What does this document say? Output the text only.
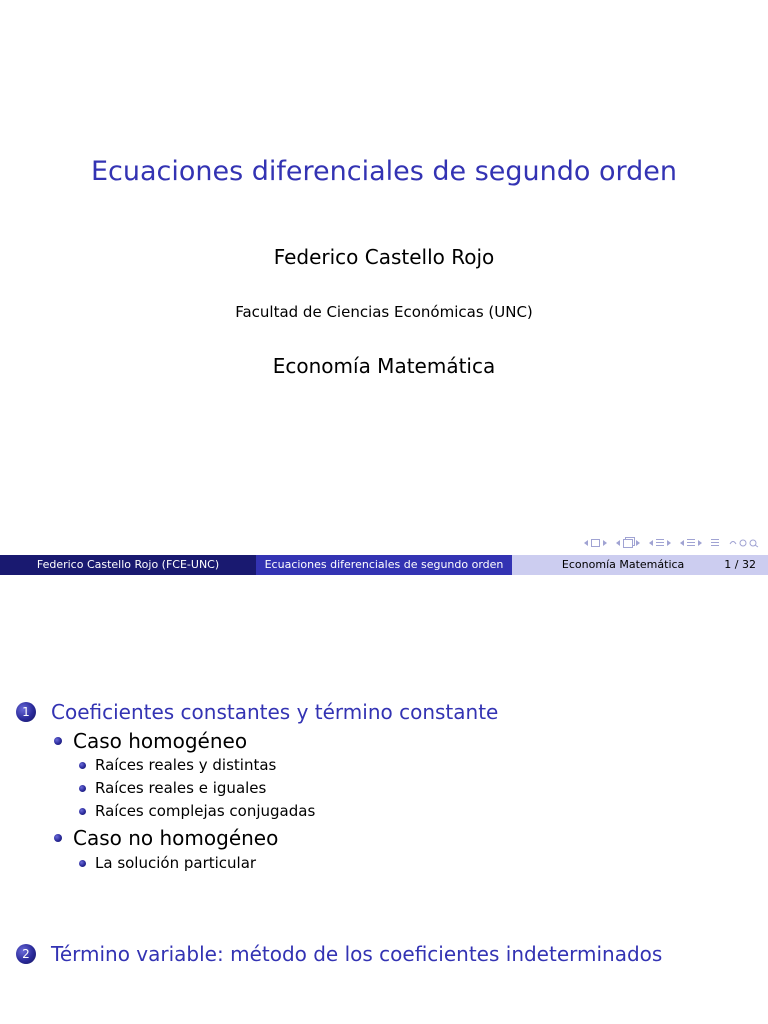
Ecuaciones diferenciales de segundo orden
Federico Castello Rojo
Facultad de Ciencias Económicas (UNC)
Economía Matemática
Federico Castello Rojo (FCE-UNC)	Ecuaciones diferenciales de segundo orden	Economía Matemática	1 / 32
1	Coeficientes constantes y término constante
Caso homogéneo
Raíces reales y distintas
Raíces reales e iguales
Raíces complejas conjugadas
Caso no homogéneo
La solución particular
2	Término variable: método de los coeficientes indeterminados
